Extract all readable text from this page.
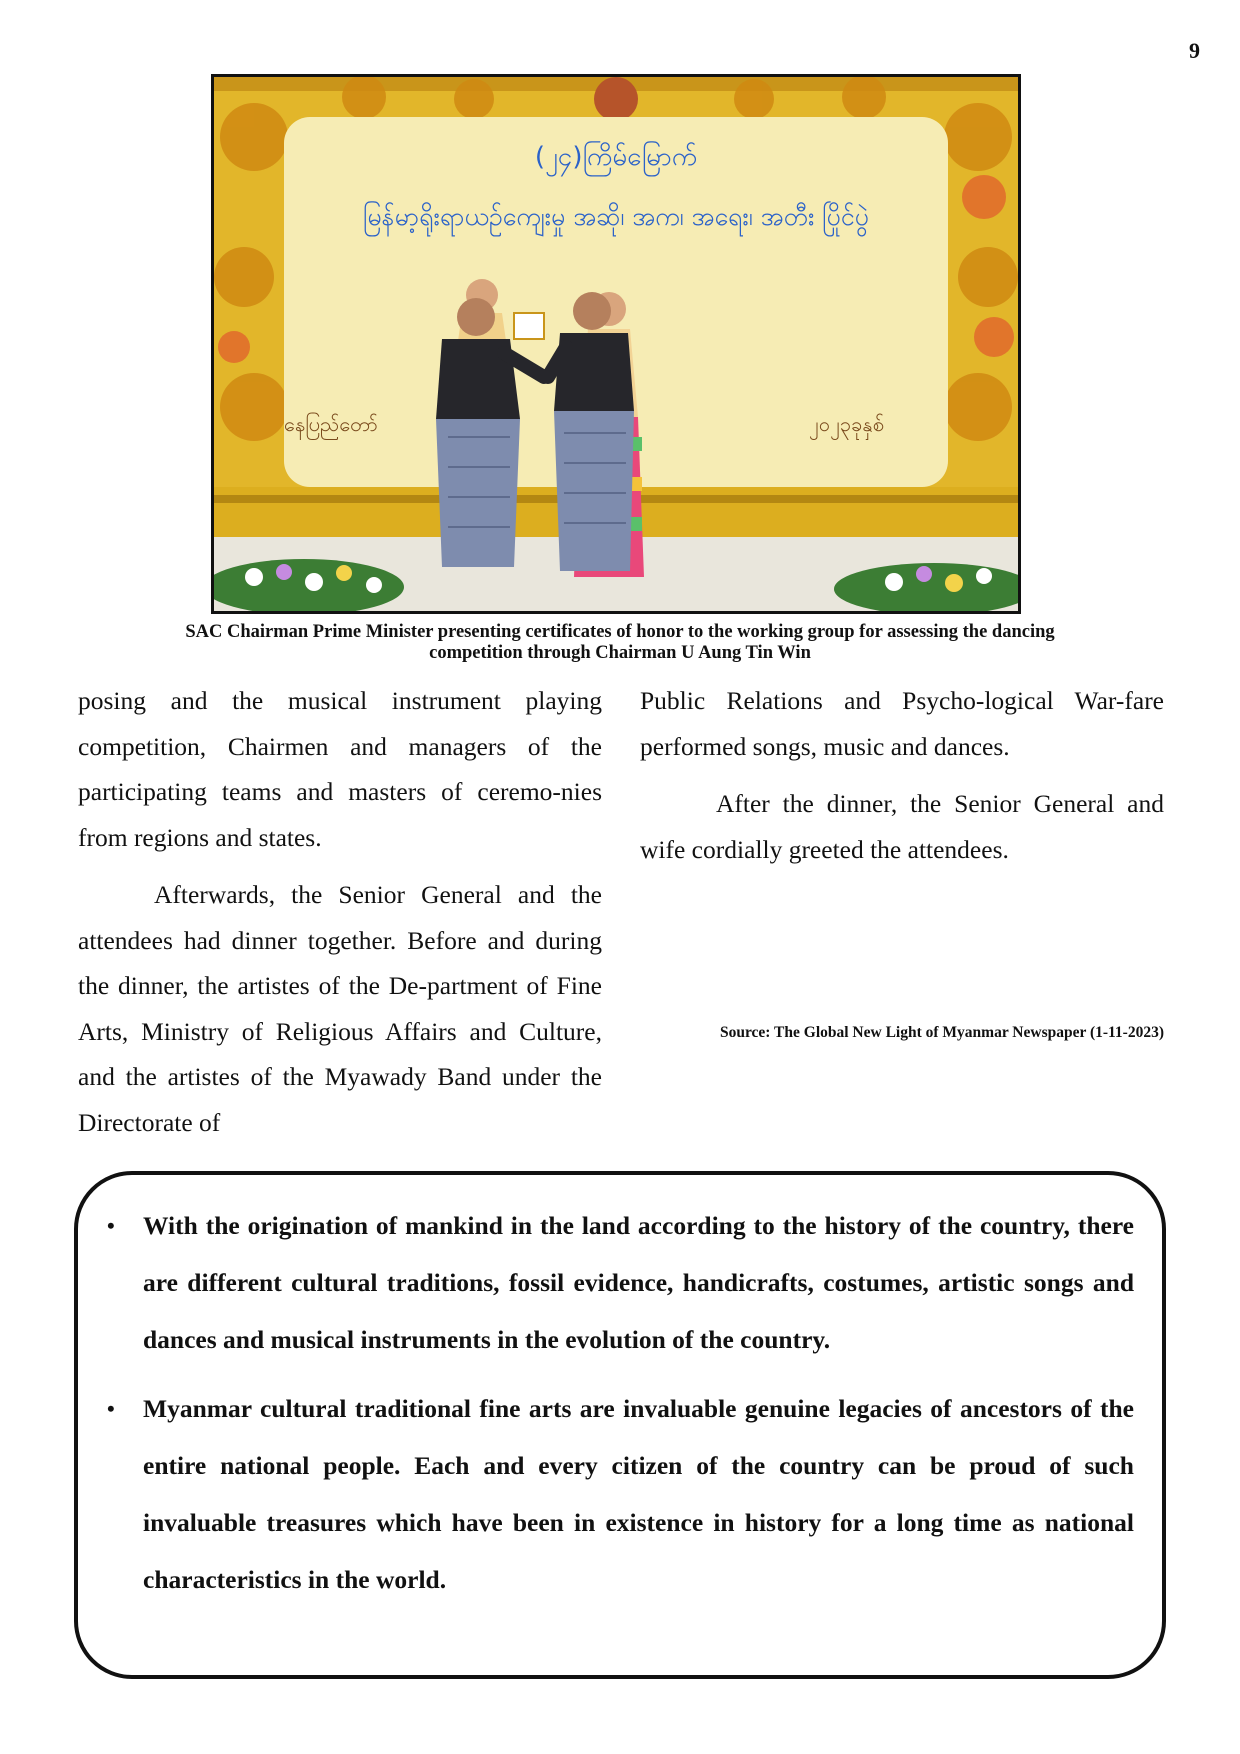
9
(၂၄)ကြိမ်မြောက်
မြန်မာ့ရိုးရာယဉ်ကျေးမှု အဆို၊ အက၊ အရေး၊ အတီး ပြိုင်ပွဲ
နေပြည်တော်	၂၀၂၃ခုနှစ်
SAC Chairman Prime Minister presenting certificates of honor to the working group for assessing the dancing competition through Chairman U Aung Tin Win

posing and the musical instrument playing competition, Chairmen and managers of the participating teams and masters of ceremo-nies from regions and states.

Afterwards, the Senior General and the attendees had dinner together. Before and during the dinner, the artistes of the De-partment of Fine Arts, Ministry of Religious Affairs and Culture, and the artistes of the Myawady Band under the Directorate of

Public Relations and Psycho-logical War-fare performed songs, music and dances.

After the dinner, the Senior General and wife cordially greeted the attendees.

Source: The Global New Light of Myanmar Newspaper (1-11-2023)
• With the origination of mankind in the land according to the history of the country, there are different cultural traditions, fossil evidence, handicrafts, costumes, artistic songs and dances and musical instruments in the evolution of the country.
• Myanmar cultural traditional fine arts are invaluable genuine legacies of ancestors of the entire national people. Each and every citizen of the country can be proud of such invaluable treasures which have been in existence in history for a long time as national characteristics in the world.
